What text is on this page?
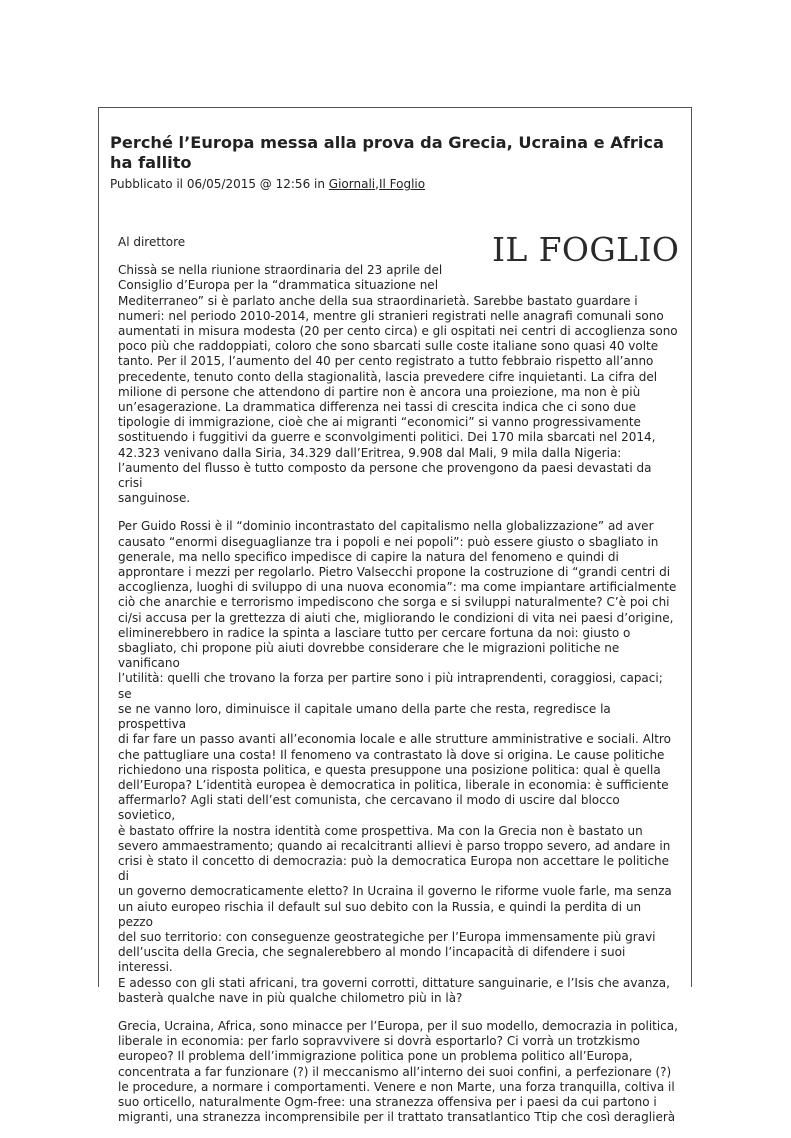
Perché l’Europa messa alla prova da Grecia, Ucraina e Africa ha fallito

Pubblicato il 06/05/2015 @ 12:56 in Giornali,Il Foglio

IL FOGLIO

Al direttore

Chissà se nella riunione straordinaria del 23 aprile del
Consiglio d’Europa per la “drammatica situazione nel
Mediterraneo” si è parlato anche della sua straordinarietà. Sarebbe bastato guardare i
numeri: nel periodo 2010-2014, mentre gli stranieri registrati nelle anagrafi comunali sono
aumentati in misura modesta (20 per cento circa) e gli ospitati nei centri di accoglienza sono
poco più che raddoppiati, coloro che sono sbarcati sulle coste italiane sono quasi 40 volte
tanto. Per il 2015, l’aumento del 40 per cento registrato a tutto febbraio rispetto all’anno
precedente, tenuto conto della stagionalità, lascia prevedere cifre inquietanti. La cifra del
milione di persone che attendono di partire non è ancora una proiezione, ma non è più
un’esagerazione. La drammatica differenza nei tassi di crescita indica che ci sono due
tipologie di immigrazione, cioè che ai migranti “economici” si vanno progressivamente
sostituendo i fuggitivi da guerre e sconvolgimenti politici. Dei 170 mila sbarcati nel 2014,
42.323 venivano dalla Siria, 34.329 dall’Eritrea, 9.908 dal Mali, 9 mila dalla Nigeria:
l’aumento del flusso è tutto composto da persone che provengono da paesi devastati da crisi
sanguinose.

Per Guido Rossi è il “dominio incontrastato del capitalismo nella globalizzazione” ad aver
causato “enormi diseguaglianze tra i popoli e nei popoli”: può essere giusto o sbagliato in
generale, ma nello specifico impedisce di capire la natura del fenomeno e quindi di
approntare i mezzi per regolarlo. Pietro Valsecchi propone la costruzione di “grandi centri di
accoglienza, luoghi di sviluppo di una nuova economia”: ma come impiantare artificialmente
ciò che anarchie e terrorismo impediscono che sorga e si sviluppi naturalmente? C’è poi chi
ci/si accusa per la grettezza di aiuti che, migliorando le condizioni di vita nei paesi d’origine,
eliminerebbero in radice la spinta a lasciare tutto per cercare fortuna da noi: giusto o
sbagliato, chi propone più aiuti dovrebbe considerare che le migrazioni politiche ne vanificano
l’utilità: quelli che trovano la forza per partire sono i più intraprendenti, coraggiosi, capaci; se
se ne vanno loro, diminuisce il capitale umano della parte che resta, regredisce la prospettiva
di far fare un passo avanti all’economia locale e alle strutture amministrative e sociali. Altro
che pattugliare una costa! Il fenomeno va contrastato là dove si origina. Le cause politiche
richiedono una risposta politica, e questa presuppone una posizione politica: qual è quella
dell’Europa? L’identità europea è democratica in politica, liberale in economia: è sufficiente
affermarlo? Agli stati dell’est comunista, che cercavano il modo di uscire dal blocco sovietico,
è bastato offrire la nostra identità come prospettiva. Ma con la Grecia non è bastato un
severo ammaestramento; quando ai recalcitranti allievi è parso troppo severo, ad andare in
crisi è stato il concetto di democrazia: può la democratica Europa non accettare le politiche di
un governo democraticamente eletto? In Ucraina il governo le riforme vuole farle, ma senza
un aiuto europeo rischia il default sul suo debito con la Russia, e quindi la perdita di un pezzo
del suo territorio: con conseguenze geostrategiche per l’Europa immensamente più gravi
dell’uscita della Grecia, che segnalerebbero al mondo l’incapacità di difendere i suoi interessi.
E adesso con gli stati africani, tra governi corrotti, dittature sanguinarie, e l’Isis che avanza,
basterà qualche nave in più qualche chilometro più in là?

Grecia, Ucraina, Africa, sono minacce per l’Europa, per il suo modello, democrazia in politica,
liberale in economia: per farlo sopravvivere si dovrà esportarlo? Ci vorrà un trotzkismo
europeo? Il problema dell’immigrazione politica pone un problema politico all’Europa,
concentrata a far funzionare (?) il meccanismo all’interno dei suoi confini, a perfezionare (?)
le procedure, a normare i comportamenti. Venere e non Marte, una forza tranquilla, coltiva il
suo orticello, naturalmente Ogm-free: una stranezza offensiva per i paesi da cui partono i
migranti, una stranezza incomprensibile per il trattato transatlantico Ttip che così deraglierà
